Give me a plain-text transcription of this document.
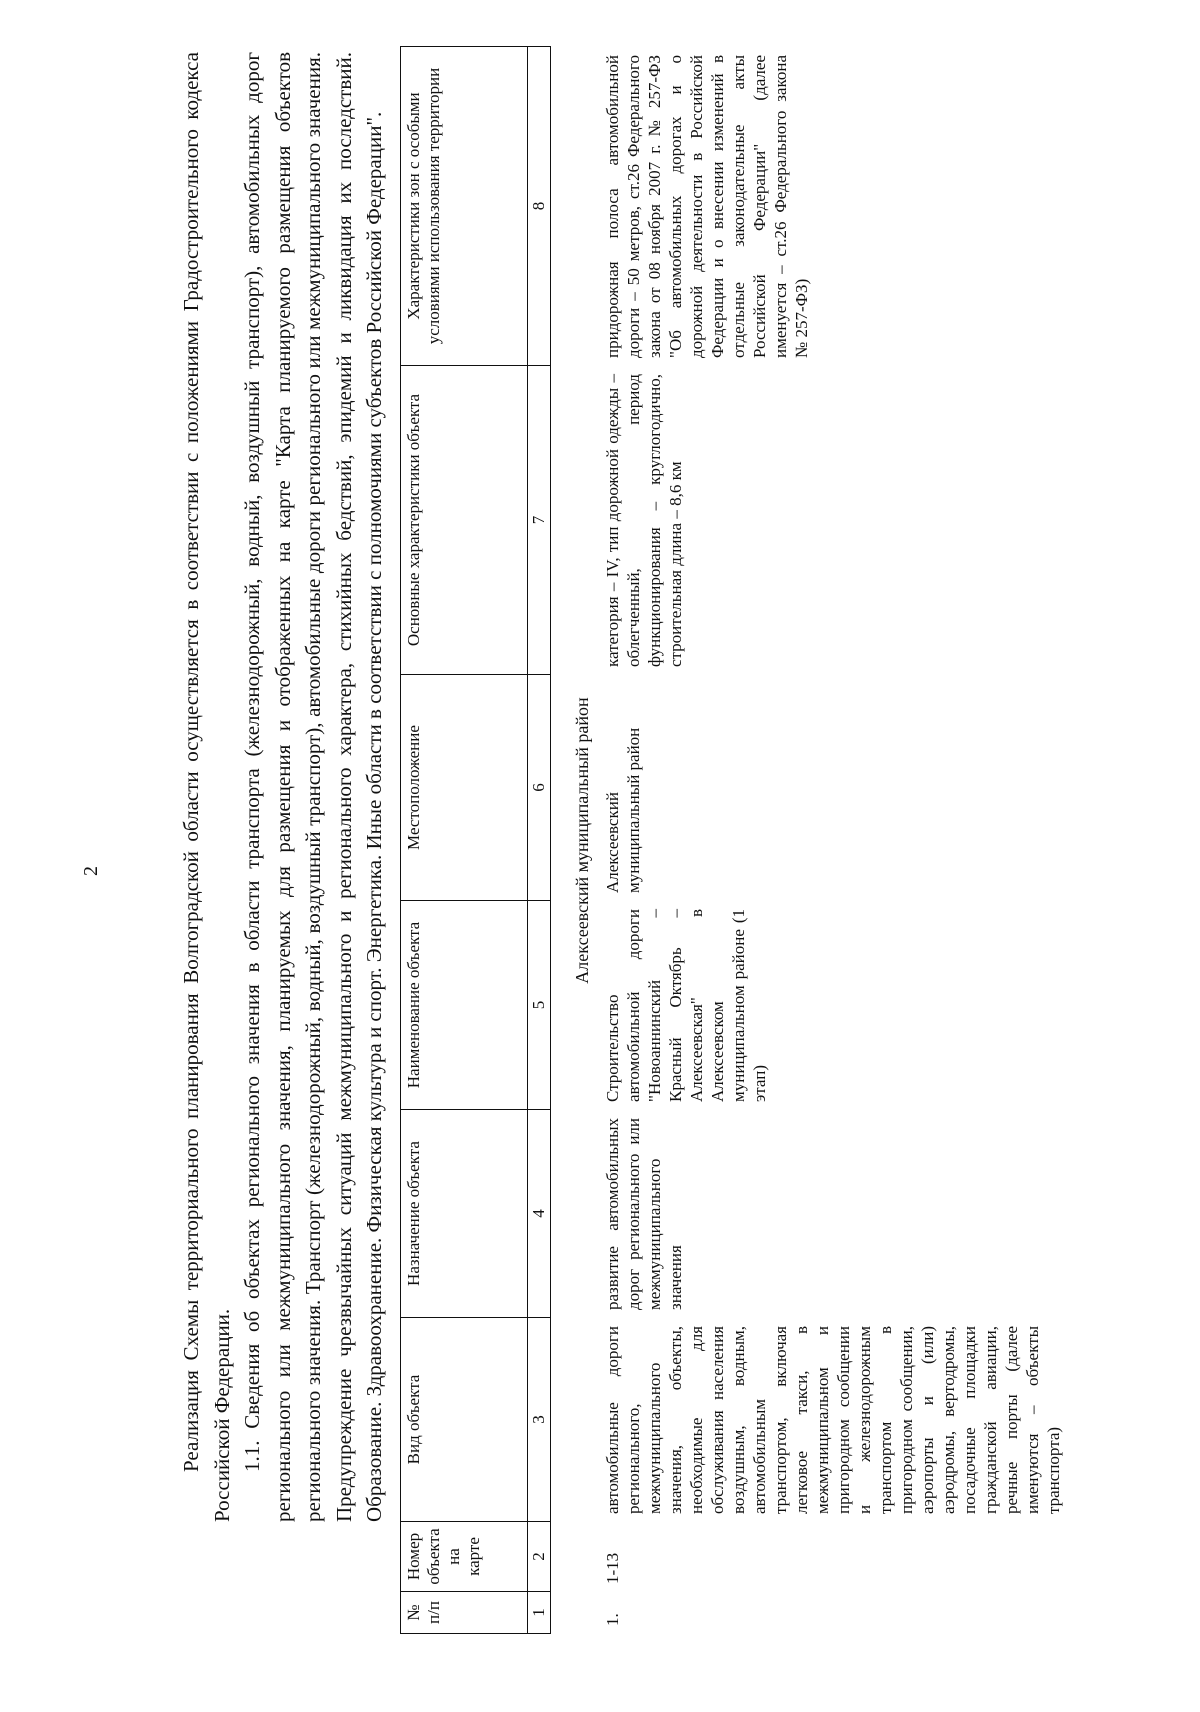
2	Реализация Схемы территориального планирования Волгоградской области осуществляется в соответствии с положениями Градостроительного кодекса Российской Федерации. 1.1. Сведения об объектах регионального значения в области транспорта (железнодорожный, водный, воздушный транспорт), автомобильных дорог регионального или межмуниципального значения, планируемых для размещения и отображенных на карте "Карта планируемого размещения объектов регионального значения. Транспорт (железнодорожный, водный, воздушный транспорт), автомобильные дороги регионального или межмуниципального значения. Предупреждение чрезвычайных ситуаций межмуниципального и регионального характера, стихийных бедствий, эпидемий и ликвидация их последствий. Образование. Здравоохранение. Физическая культура и спорт. Энергетика. Иные области в соответствии с полномочиями субъектов Российской Федерации".

№ п/п	Номер объекта на карте	Вид объекта	Назначение объекта	Наименование объекта	Местоположение	Основные характеристики объекта	Характеристики зон с особыми условиями использования территории
1	2	3	4	5	6	7	8
Алексеевский муниципальный район
1.	1-13	автомобильные дороги регионального, межмуниципального значения, объекты, необходимые для обслуживания населения воздушным, водным, автомобильным транспортом, включая легковое такси, в межмуниципальном и пригородном сообщении и железнодорожным транспортом в пригородном сообщении, аэропорты и (или) аэродромы, вертодромы, посадочные площадки гражданской авиации, речные порты (далее именуются – объекты транспорта)	развитие автомобильных дорог регионального или межмуниципального значения	Строительство автомобильной дороги "Новоаннинский – Красный Октябрь – Алексеевская" в Алексеевском муниципальном районе (1 этап)	Алексеевский муниципальный район	категория – IV, тип дорожной одежды – облегченный, период функционирования – круглогодично, строительная длина – 8,6 км	придорожная полоса автомобильной дороги – 50 метров, ст.26 Федерального закона от 08 ноября 2007 г. № 257-ФЗ "Об автомобильных дорогах и о дорожной деятельности в Российской Федерации и о внесении изменений в отдельные законодательные акты Российской Федерации" (далее именуется – ст.26 Федерального закона № 257-ФЗ)
